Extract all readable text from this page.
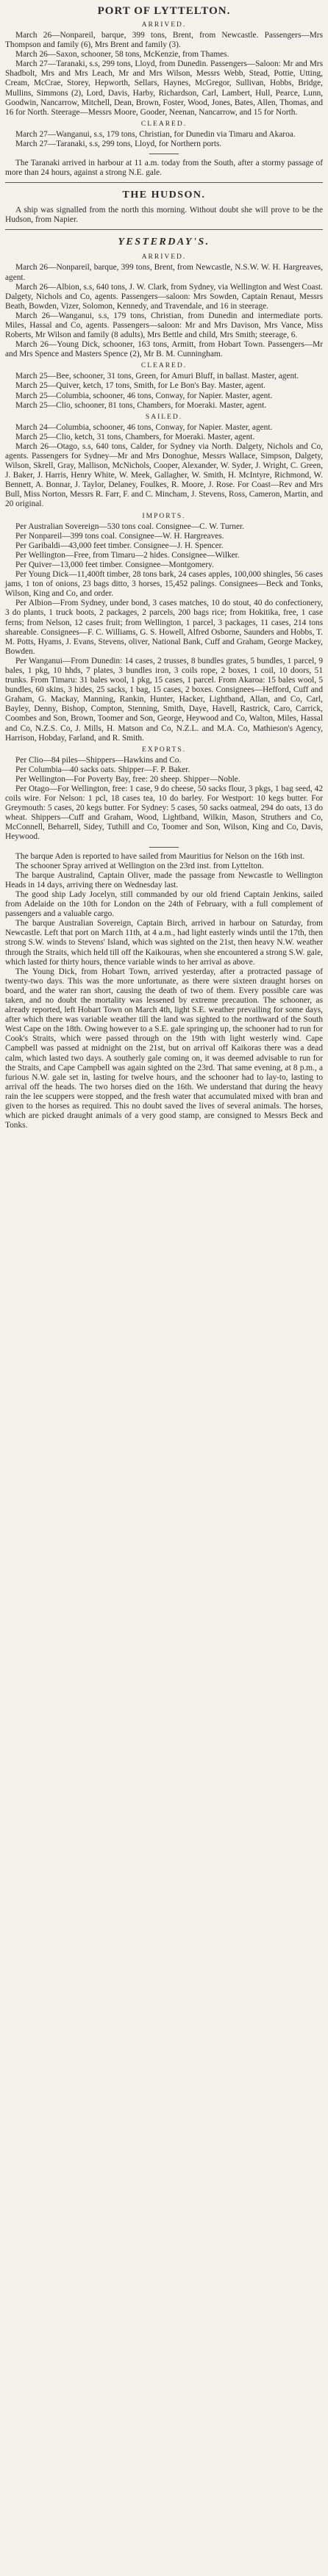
PORT OF LYTTELTON.
ARRIVED.

March 26—Nonpareil, barque, 399 tons, Brent, from Newcastle. Passengers—Mrs Thompson and family (6), Mrs Brent and family (3).

March 26—Saxon, schooner, 58 tons, McKenzie, from Thames.

March 27—Taranaki, s.s, 299 tons, Lloyd, from Dunedin. Passengers—Saloon: Mr and Mrs Shadbolt, Mrs and Mrs Leach, Mr and Mrs Wilson, Messrs Webb, Stead, Pottie, Utting, Cream, McCrae, Storey, Hepworth, Sellars, Haynes, McGregor, Sullivan, Hobbs, Bridge, Mullins, Simmons (2), Lord, Davis, Harby, Richardson, Carl, Lambert, Hull, Pearce, Lunn, Goodwin, Nancarrow, Mitchell, Dean, Brown, Foster, Wood, Jones, Bates, Allen, Thomas, and 16 for North. Steerage—Messrs Moore, Gooder, Neenan, Nancarrow, and 15 for North.

CLEARED.

March 27—Wanganui, s.s, 179 tons, Christian, for Dunedin via Timaru and Akaroa.

March 27—Taranaki, s.s, 299 tons, Lloyd, for Northern ports.

The Taranaki arrived in harbour at 11 a.m. today from the South, after a stormy passage of more than 24 hours, against a strong N.E. gale.

THE HUDSON.

A ship was signalled from the north this morning. Without doubt she will prove to be the Hudson, from Napier.

YESTERDAY'S.
ARRIVED.

March 26—Nonpareil, barque, 399 tons, Brent, from Newcastle, N.S.W. W. H. Hargreaves, agent.

March 26—Albion, s.s, 640 tons, J. W. Clark, from Sydney, via Wellington and West Coast. Dalgety, Nichols and Co, agents. Passengers—saloon: Mrs Sowden, Captain Renaut, Messrs Beath, Bowden, Vizer, Solomon, Kennedy, and Travendale, and 16 in steerage.

March 26—Wanganui, s.s, 179 tons, Christian, from Dunedin and intermediate ports. Miles, Hassal and Co, agents. Passengers—saloon: Mr and Mrs Davison, Mrs Vance, Miss Roberts, Mr Wilson and family (8 adults), Mrs Bettle and child, Mrs Smith; steerage, 6.

March 26—Young Dick, schooner, 163 tons, Armitt, from Hobart Town. Passengers—Mr and Mrs Spence and Masters Spence (2), Mr B. M. Cunningham.

CLEARED.

March 25—Bee, schooner, 31 tons, Green, for Amuri Bluff, in ballast. Master, agent.

March 25—Quiver, ketch, 17 tons, Smith, for Le Bon's Bay. Master, agent.

March 25—Columbia, schooner, 46 tons, Conway, for Napier. Master, agent.

March 25—Clio, schooner, 81 tons, Chambers, for Moeraki. Master, agent.

SAILED.

March 24—Columbia, schooner, 46 tons, Conway, for Napier. Master, agent.

March 25—Clio, ketch, 31 tons, Chambers, for Moeraki. Master, agent.

March 26—Otago, s.s, 640 tons, Calder, for Sydney via North. Dalgety, Nichols and Co, agents. Passengers for Sydney—Mr and Mrs Donoghue, Messrs Wallace, Simpson, Dalgety, Wilson, Skrell, Gray, Mallison, McNichols, Cooper, Alexander, W. Syder, J. Wright, C. Green, J. Baker, J. Harris, Henry White, W. Meek, Gallagher, W. Smith, H. McIntyre, Richmond, W. Bennett, A. Bonnar, J. Taylor, Delaney, Foulkes, R. Moore, J. Rose. For Coast—Rev and Mrs Bull, Miss Norton, Messrs R. Farr, F. and C. Mincham, J. Stevens, Ross, Cameron, Martin, and 20 original.

IMPORTS.

Per Australian Sovereign—530 tons coal. Consignee—C. W. Turner.

Per Nonpareil—399 tons coal. Consignee—W. H. Hargreaves.

Per Garibaldi—43,000 feet timber. Consignee—J. H. Spencer.

Per Wellington—Free, from Timaru—2 hides. Consignee—Wilker.

Per Quiver—13,000 feet timber. Consignee—Montgomery.

Per Young Dick—11,400ft timber, 28 tons bark, 24 cases apples, 100,000 shingles, 56 cases jams, 1 ton of onions, 23 bags ditto, 3 horses, 15,452 palings. Consignees—Beck and Tonks, Wilson, King and Co, and order.

Per Albion—From Sydney, under bond, 3 cases matches, 10 do stout, 40 do confectionery, 3 do plants, 1 truck boots, 2 packages, 2 parcels, 200 bags rice; from Hokitika, free, 1 case ferns; from Nelson, 12 cases fruit; from Wellington, 1 parcel, 3 packages, 11 cases, 214 tons shareable. Consignees—F. C. Williams, G. S. Howell, Alfred Osborne, Saunders and Hobbs, T. M. Potts, Hyams, J. Evans, Stevens, oliver, National Bank, Cuff and Graham, George Mackey, Bowden.

Per Wanganui—From Dunedin: 14 cases, 2 trusses, 8 bundles grates, 5 bundles, 1 parcel, 9 bales, 1 pkg, 10 hhds, 7 plates, 3 bundles iron, 3 coils rope, 2 boxes, 1 coil, 10 doors, 51 trunks. From Timaru: 31 bales wool, 1 pkg, 15 cases, 1 parcel. From Akaroa: 15 bales wool, 5 bundles, 60 skins, 3 hides, 25 sacks, 1 bag, 15 cases, 2 boxes. Consignees—Hefford, Cuff and Graham, G. Mackay, Manning, Rankin, Hunter, Hacker, Lightband, Allan, and Co, Carl, Bayley, Denny, Bishop, Compton, Stenning, Smith, Daye, Havell, Rastrick, Caro, Carrick, Coombes and Son, Brown, Toomer and Son, George, Heywood and Co, Walton, Miles, Hassal and Co, N.Z.S. Co, J. Mills, H. Matson and Co, N.Z.L. and M.A. Co, Mathieson's Agency, Harrison, Hobday, Farland, and R. Smith.

EXPORTS.

Per Clio—84 piles—Shippers—Hawkins and Co.

Per Columbia—40 sacks oats. Shipper—F. P. Baker.

Per Wellington—For Poverty Bay, free: 20 sheep. Shipper—Noble.

Per Otago—For Wellington, free: 1 case, 9 do cheese, 50 sacks flour, 3 pkgs, 1 bag seed, 42 coils wire. For Nelson: 1 pcl, 18 cases tea, 10 do barley. For Westport: 10 kegs butter. For Greymouth: 5 cases, 20 kegs butter. For Sydney: 5 cases, 50 sacks oatmeal, 294 do oats, 13 do wheat. Shippers—Cuff and Graham, Wood, Lightband, Wilkin, Mason, Struthers and Co, McConnell, Beharrell, Sidey, Tuthill and Co, Toomer and Son, Wilson, King and Co, Davis, Heywood.

The barque Aden is reported to have sailed from Mauritius for Nelson on the 16th inst.

The schooner Spray arrived at Wellington on the 23rd inst. from Lyttelton.

The barque Australind, Captain Oliver, made the passage from Newcastle to Wellington Heads in 14 days, arriving there on Wednesday last.

The good ship Lady Jocelyn, still commanded by our old friend Captain Jenkins, sailed from Adelaide on the 10th for London on the 24th of February, with a full complement of passengers and a valuable cargo.

The barque Australian Sovereign, Captain Birch, arrived in harbour on Saturday, from Newcastle. Left that port on March 11th, at 4 a.m., had light easterly winds until the 17th, then strong S.W. winds to Stevens' Island, which was sighted on the 21st, then heavy N.W. weather through the Straits, which held till off the Kaikouras, when she encountered a strong S.W. gale, which lasted for thirty hours, thence variable winds to her arrival as above.

The Young Dick, from Hobart Town, arrived yesterday, after a protracted passage of twenty-two days. This was the more unfortunate, as there were sixteen draught horses on board, and the water ran short, causing the death of two of them. Every possible care was taken, and no doubt the mortality was lessened by extreme precaution. The schooner, as already reported, left Hobart Town on March 4th, light S.E. weather prevailing for some days, after which there was variable weather till the land was sighted to the northward of the South West Cape on the 18th. Owing however to a S.E. gale springing up, the schooner had to run for Cook's Straits, which were passed through on the 19th with light westerly wind. Cape Campbell was passed at midnight on the 21st, but on arrival off Kaikoras there was a dead calm, which lasted two days. A southerly gale coming on, it was deemed advisable to run for the Straits, and Cape Campbell was again sighted on the 23rd. That same evening, at 8 p.m., a furious N.W. gale set in, lasting for twelve hours, and the schooner had to lay-to, lasting to arrival off the heads. The two horses died on the 16th. We understand that during the heavy rain the lee scuppers were stopped, and the fresh water that accumulated mixed with bran and given to the horses as required. This no doubt saved the lives of several animals. The horses, which are picked draught animals of a very good stamp, are consigned to Messrs Beck and Tonks.
